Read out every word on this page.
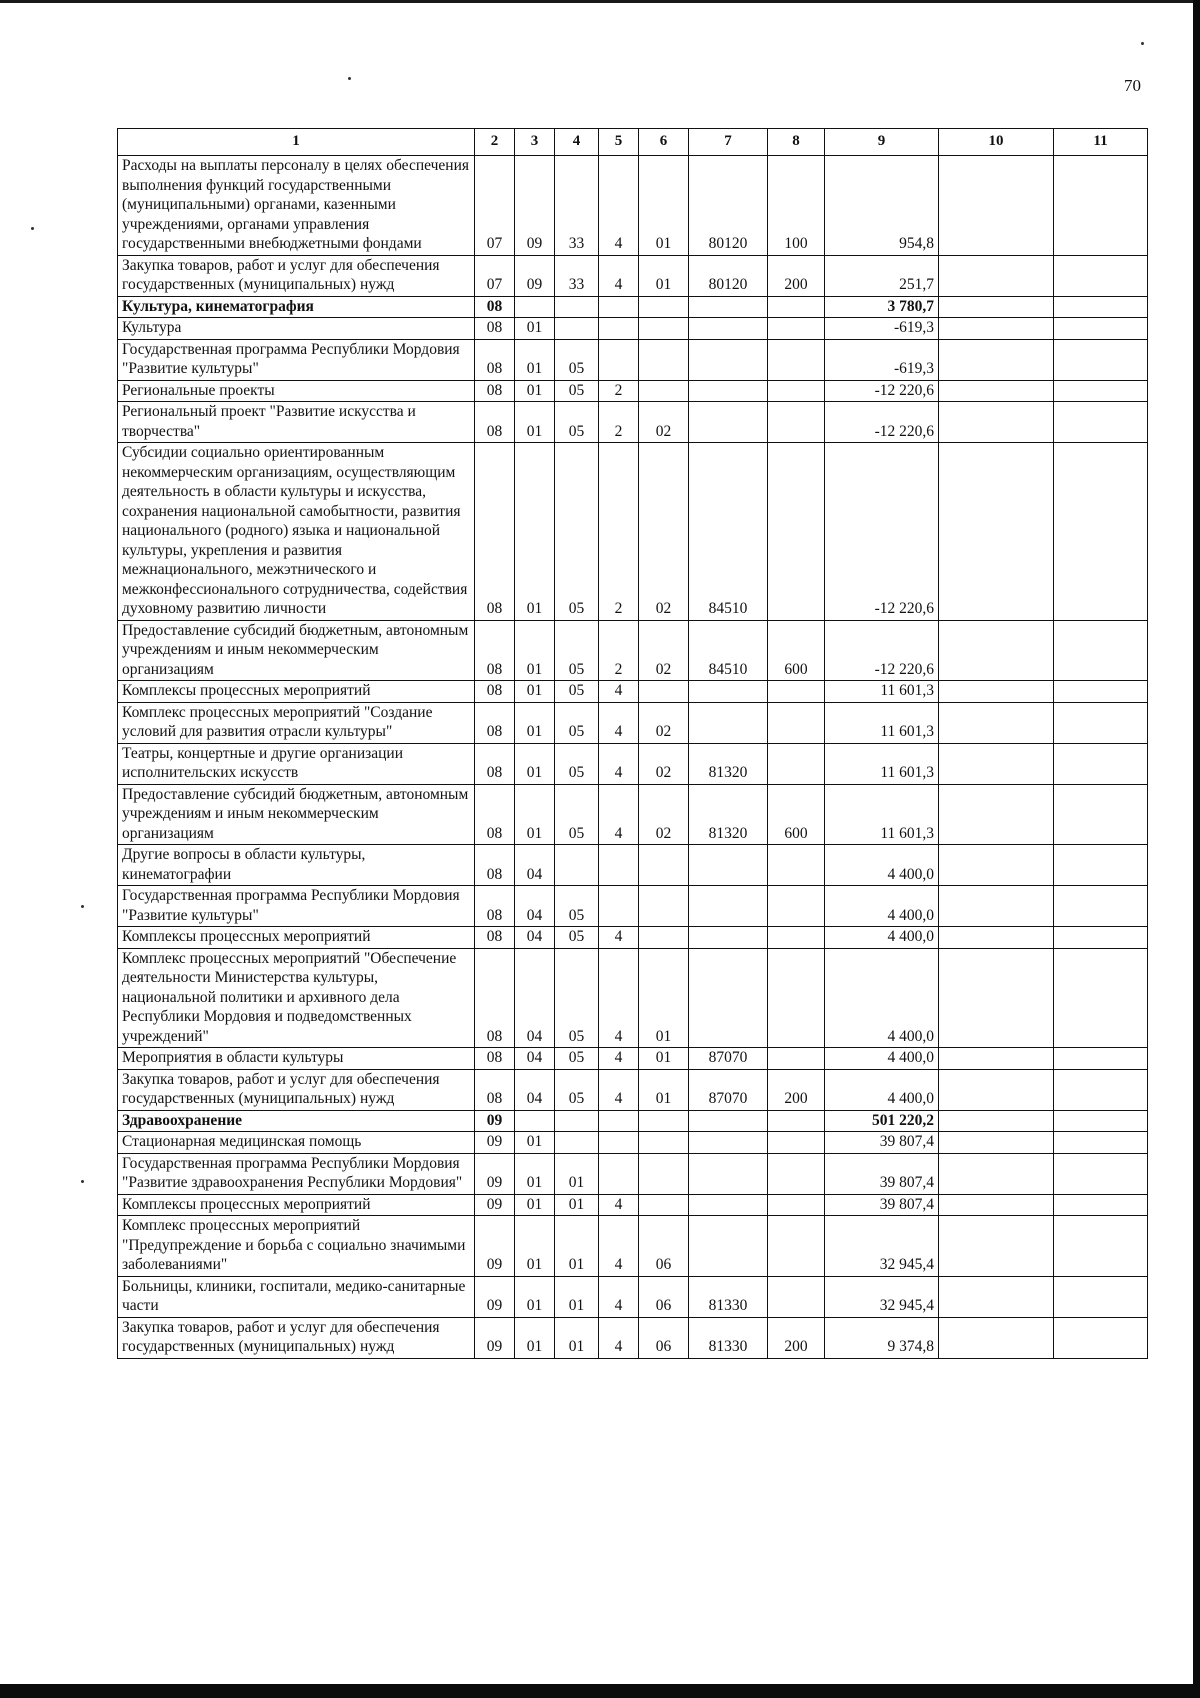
70
1	2	3	4	5	6	7	8	9	10	11
Расходы на выплаты персоналу в целях обеспечения выполнения функций государственными (муниципальными) органами, казенными учреждениями, органами управления государственными внебюджетными фондами	07	09	33	4	01	80120	100	954,8		
Закупка товаров, работ и услуг для обеспечения государственных (муниципальных) нужд	07	09	33	4	01	80120	200	251,7		
Культура, кинематография	08							3 780,7		
Культура	08	01						-619,3		
Государственная программа Республики Мордовия "Развитие культуры"	08	01	05					-619,3		
Региональные проекты	08	01	05	2				-12 220,6		
Региональный проект "Развитие искусства и творчества"	08	01	05	2	02			-12 220,6		
Субсидии социально ориентированным некоммерческим организациям, осуществляющим деятельность в области культуры и искусства, сохранения национальной самобытности, развития национального (родного) языка и национальной культуры, укрепления и развития межнационального, межэтнического и межконфессионального сотрудничества, содействия духовному развитию личности	08	01	05	2	02	84510		-12 220,6		
Предоставление субсидий бюджетным, автономным учреждениям и иным некоммерческим организациям	08	01	05	2	02	84510	600	-12 220,6		
Комплексы процессных мероприятий	08	01	05	4				11 601,3		
Комплекс процессных мероприятий "Создание условий для развития отрасли культуры"	08	01	05	4	02			11 601,3		
Театры, концертные и другие организации исполнительских искусств	08	01	05	4	02	81320		11 601,3		
Предоставление субсидий бюджетным, автономным учреждениям и иным некоммерческим организациям	08	01	05	4	02	81320	600	11 601,3		
Другие вопросы в области культуры, кинематографии	08	04						4 400,0		
Государственная программа Республики Мордовия "Развитие культуры"	08	04	05					4 400,0		
Комплексы процессных мероприятий	08	04	05	4				4 400,0		
Комплекс процессных мероприятий "Обеспечение деятельности Министерства культуры, национальной политики и архивного дела Республики Мордовия и подведомственных учреждений"	08	04	05	4	01			4 400,0		
Мероприятия в области культуры	08	04	05	4	01	87070		4 400,0		
Закупка товаров, работ и услуг для обеспечения государственных (муниципальных) нужд	08	04	05	4	01	87070	200	4 400,0		
Здравоохранение	09							501 220,2		
Стационарная медицинская помощь	09	01						39 807,4		
Государственная программа Республики Мордовия "Развитие здравоохранения Республики Мордовия"	09	01	01					39 807,4		
Комплексы процессных мероприятий	09	01	01	4				39 807,4		
Комплекс процессных мероприятий "Предупреждение и борьба с социально значимыми заболеваниями"	09	01	01	4	06			32 945,4		
Больницы, клиники, госпитали, медико-санитарные части	09	01	01	4	06	81330		32 945,4		
Закупка товаров, работ и услуг для обеспечения государственных (муниципальных) нужд	09	01	01	4	06	81330	200	9 374,8		
